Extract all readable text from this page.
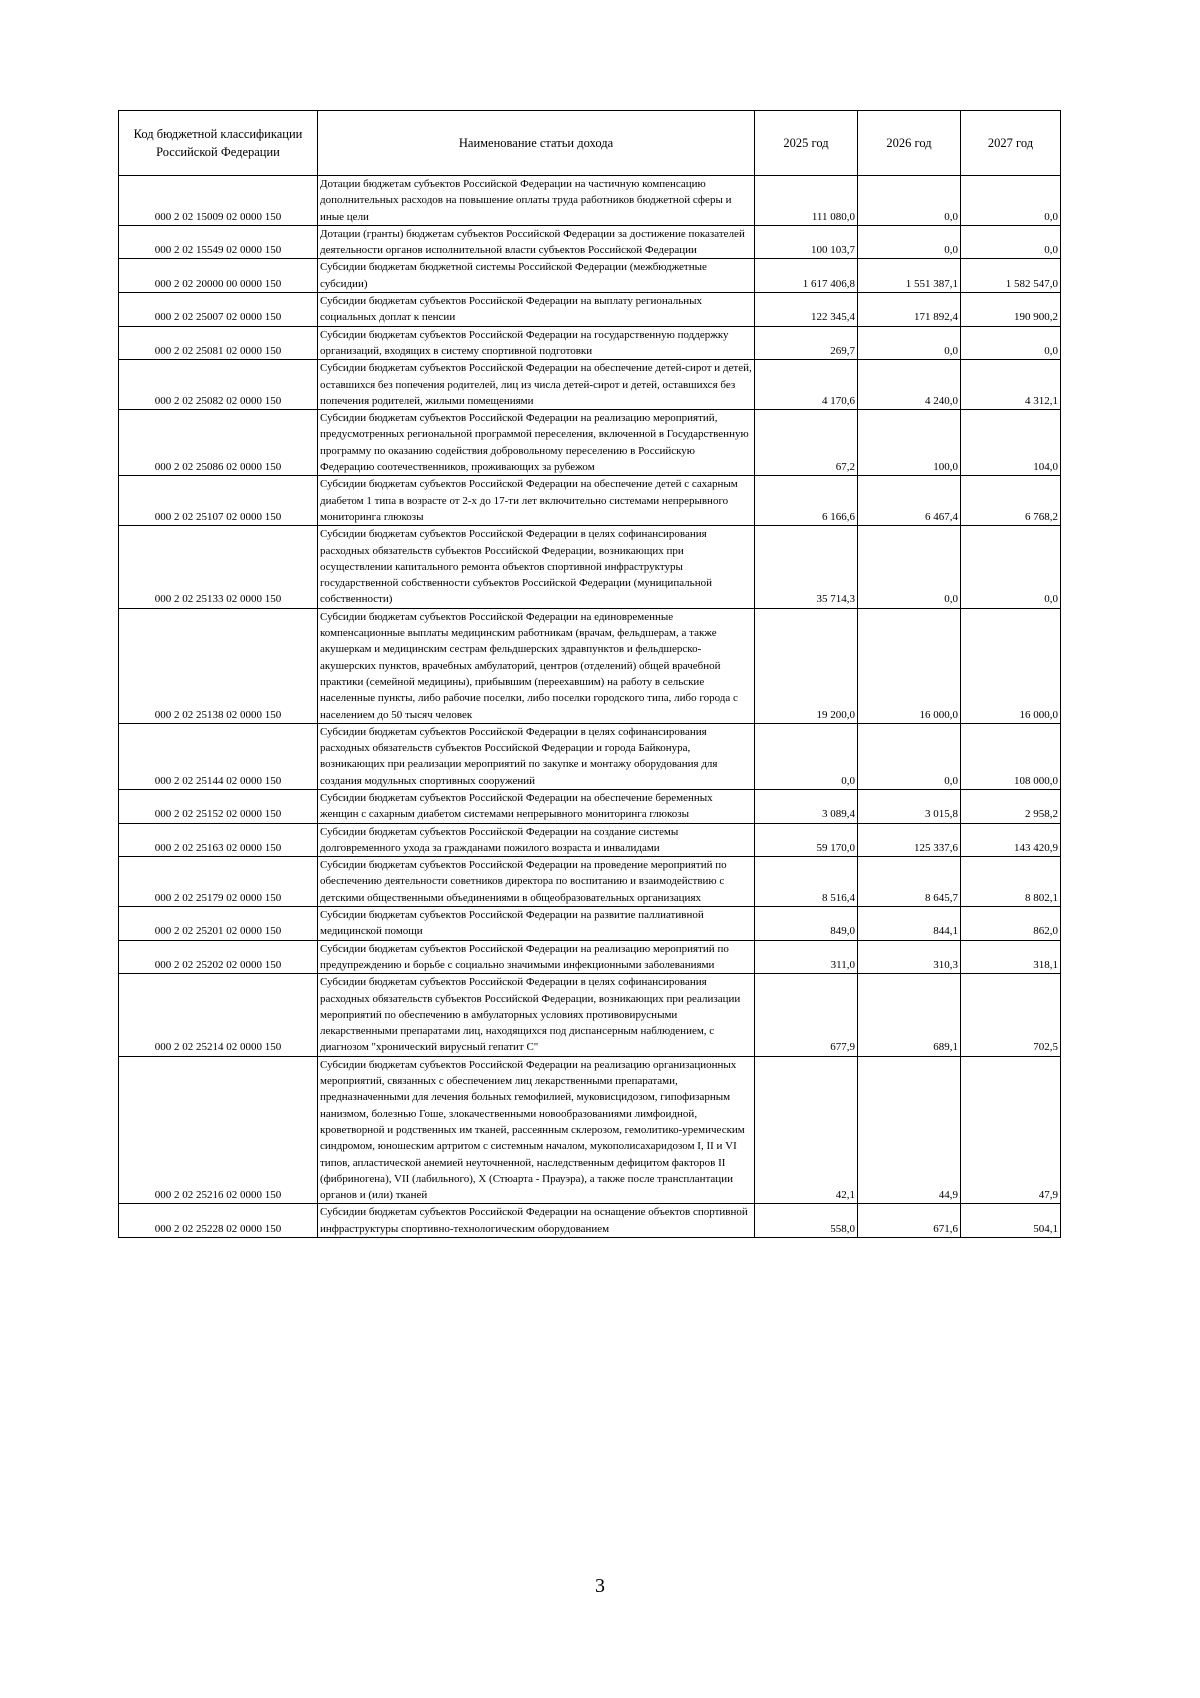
Код бюджетной классификации Российской Федерации	Наименование статьи дохода	2025 год	2026 год	2027 год
000 2 02 15009 02 0000 150	Дотации бюджетам субъектов Российской Федерации на частичную компенсацию дополнительных расходов на повышение оплаты труда работников бюджетной сферы и иные цели	111 080,0	0,0	0,0
000 2 02 15549 02 0000 150	Дотации (гранты) бюджетам субъектов Российской Федерации за достижение показателей деятельности органов исполнительной власти субъектов Российской Федерации	100 103,7	0,0	0,0
000 2 02 20000 00 0000 150	Субсидии бюджетам бюджетной системы Российской Федерации (межбюджетные субсидии)	1 617 406,8	1 551 387,1	1 582 547,0
000 2 02 25007 02 0000 150	Субсидии бюджетам субъектов Российской Федерации на выплату региональных социальных доплат к пенсии	122 345,4	171 892,4	190 900,2
000 2 02 25081 02 0000 150	Субсидии бюджетам субъектов Российской Федерации на государственную поддержку организаций, входящих в систему спортивной подготовки	269,7	0,0	0,0
000 2 02 25082 02 0000 150	Субсидии бюджетам субъектов Российской Федерации на обеспечение детей-сирот и детей, оставшихся без попечения родителей, лиц из числа детей-сирот и детей, оставшихся без попечения родителей, жилыми помещениями	4 170,6	4 240,0	4 312,1
000 2 02 25086 02 0000 150	Субсидии бюджетам субъектов Российской Федерации на реализацию мероприятий, предусмотренных региональной программой переселения, включенной в Государственную программу по оказанию содействия добровольному переселению в Российскую Федерацию соотечественников, проживающих за рубежом	67,2	100,0	104,0
000 2 02 25107 02 0000 150	Субсидии бюджетам субъектов Российской Федерации на обеспечение детей с сахарным диабетом 1 типа в возрасте от 2-х до 17-ти лет включительно системами непрерывного мониторинга глюкозы	6 166,6	6 467,4	6 768,2
000 2 02 25133 02 0000 150	Субсидии бюджетам субъектов Российской Федерации в целях софинансирования расходных обязательств субъектов Российской Федерации, возникающих при осуществлении капитального ремонта объектов спортивной инфраструктуры государственной собственности субъектов Российской Федерации (муниципальной собственности)	35 714,3	0,0	0,0
000 2 02 25138 02 0000 150	Субсидии бюджетам субъектов Российской Федерации на единовременные компенсационные выплаты медицинским работникам (врачам, фельдшерам, а также акушеркам и медицинским сестрам фельдшерских здравпунктов и фельдшерско-акушерских пунктов, врачебных амбулаторий, центров (отделений) общей врачебной практики (семейной медицины), прибывшим (переехавшим) на работу в сельские населенные пункты, либо рабочие поселки, либо поселки городского типа, либо города с населением до 50 тысяч человек	19 200,0	16 000,0	16 000,0
000 2 02 25144 02 0000 150	Субсидии бюджетам субъектов Российской Федерации в целях софинансирования расходных обязательств субъектов Российской Федерации и города Байконура, возникающих при реализации мероприятий по закупке и монтажу оборудования для создания модульных спортивных сооружений	0,0	0,0	108 000,0
000 2 02 25152 02 0000 150	Субсидии бюджетам субъектов Российской Федерации на обеспечение беременных женщин с сахарным диабетом системами непрерывного мониторинга глюкозы	3 089,4	3 015,8	2 958,2
000 2 02 25163 02 0000 150	Субсидии бюджетам субъектов Российской Федерации на создание системы долговременного ухода за гражданами пожилого возраста и инвалидами	59 170,0	125 337,6	143 420,9
000 2 02 25179 02 0000 150	Субсидии бюджетам субъектов Российской Федерации на проведение мероприятий по обеспечению деятельности советников директора по воспитанию и взаимодействию с детскими общественными объединениями в общеобразовательных организациях	8 516,4	8 645,7	8 802,1
000 2 02 25201 02 0000 150	Субсидии бюджетам субъектов Российской Федерации на развитие паллиативной медицинской помощи	849,0	844,1	862,0
000 2 02 25202 02 0000 150	Субсидии бюджетам субъектов Российской Федерации на реализацию мероприятий по предупреждению и борьбе с социально значимыми инфекционными заболеваниями	311,0	310,3	318,1
000 2 02 25214 02 0000 150	Субсидии бюджетам субъектов Российской Федерации в целях софинансирования расходных обязательств субъектов Российской Федерации, возникающих при реализации мероприятий по обеспечению в амбулаторных условиях противовирусными лекарственными препаратами лиц, находящихся под диспансерным наблюдением, с диагнозом "хронический вирусный гепатит С"	677,9	689,1	702,5
000 2 02 25216 02 0000 150	Субсидии бюджетам субъектов Российской Федерации на реализацию организационных мероприятий, связанных с обеспечением лиц лекарственными препаратами, предназначенными для лечения больных гемофилией, муковисцидозом, гипофизарным нанизмом, болезнью Гоше, злокачественными новообразованиями лимфоидной, кроветворной и родственных им тканей, рассеянным склерозом, гемолитико-уремическим синдромом, юношеским артритом с системным началом, мукополисахаридозом I, II и VI типов, апластической анемией неуточненной, наследственным дефицитом факторов II (фибриногена), VII (лабильного), X (Стюарта - Прауэра), а также после трансплантации органов и (или) тканей	42,1	44,9	47,9
000 2 02 25228 02 0000 150	Субсидии бюджетам субъектов Российской Федерации на оснащение объектов спортивной инфраструктуры спортивно-технологическим оборудованием	558,0	671,6	504,1
3
